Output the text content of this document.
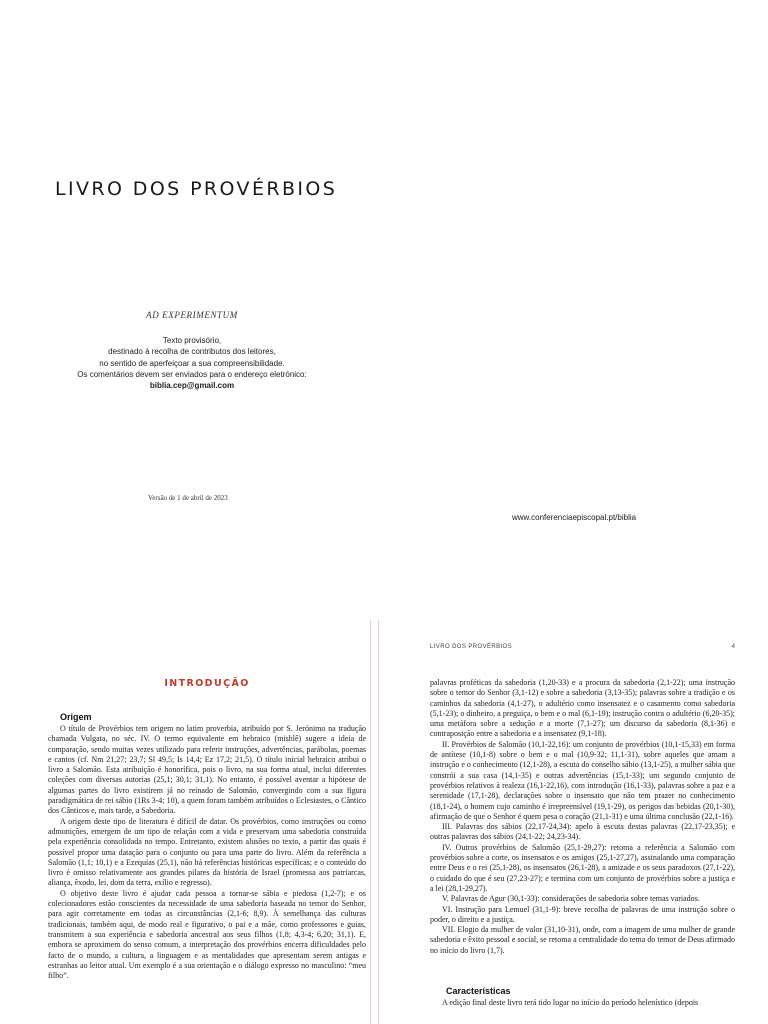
LIVRO DOS PROVÉRBIOS
AD EXPERIMENTUM
Texto provisório,
destinado à recolha de contributos dos leitores,
no sentido de aperfeiçoar a sua compreensibilidade.
Os comentários devem ser enviados para o endereço eletrónico:
biblia.cep@gmail.com
Versão de 1 de abril de 2023
www.conferenciaepiscopal.pt/biblia
INTRODUÇÃO
Origem

O título de Provérbios tem origem no latim proverbia, atribuído por S. Jerónimo na tradução chamada Vulgata, no séc. IV. O termo equivalente em hebraico (mishlê) sugere a ideia de comparação, sendo muitas vezes utilizado para referir instruções, advertências, parábolas, poemas e cantos (cf. Nm 21,27; 23,7; Sl 49,5; Is 14,4; Ez 17,2; 21,5). O título inicial hebraico atribui o livro a Salomão. Esta atribuição é honorífica, pois o livro, na sua forma atual, inclui diferentes coleções com diversas autorias (25,1; 30,1; 31,1). No entanto, é possível aventar a hipótese de algumas partes do livro existirem já no reinado de Salomão, convergindo com a sua figura paradigmática de rei sábio (1Rs 3-4; 10), a quem foram também atribuídos o Eclesiastes, o Cântico dos Cânticos e, mais tarde, a Sabedoria.

A origem deste tipo de literatura é difícil de datar. Os provérbios, como instruções ou como admonições, emergem de um tipo de relação com a vida e preservam uma sabedoria construída pela experiência consolidada no tempo. Entretanto, existem alusões no texto, a partir das quais é possível propor uma datação para o conjunto ou para uma parte do livro. Além da referência a Salomão (1,1; 10,1) e a Ezequias (25,1), não há referências históricas específicas; e o conteúdo do livro é omisso relativamente aos grandes pilares da história de Israel (promessa aos patriarcas, aliança, êxodo, lei, dom da terra, exílio e regresso).

O objetivo deste livro é ajudar cada pessoa a tornar-se sábia e piedosa (1,2-7); e os colecionadores estão conscientes da necessidade de uma sabedoria baseada no temor do Senhor, para agir corretamente em todas as circunstâncias (2,1-6; 8,9). À semelhança das culturas tradicionais, também aqui, de modo real e figurativo, o pai e a mãe, como professores e guias, transmitem a sua experiência e sabedoria ancestral aos seus filhos (1,8; 4,3-4; 6,20; 31,1). E, embora se aproximem do senso comum, a interpretação dos provérbios encerra dificuldades pelo facto de o mundo, a cultura, a linguagem e as mentalidades que apresentam serem antigas e estranhas ao leitor atual. Um exemplo é a sua orientação e o diálogo expresso no masculino: “meu filho”.

LIVRO DOS PROVÉRBIOS	4

palavras proféticas da sabedoria (1,20-33) e a procura da sabedoria (2,1-22); uma instrução sobre o temor do Senhor (3,1-12) e sobre a sabedoria (3,13-35); palavras sobre a tradição e os caminhos da sabedoria (4,1-27), o adultério como insensatez e o casamento como sabedoria (5,1-23); o dinheiro, a preguiça, o bem e o mal (6,1-19); instrução contra o adultério (6,20-35); uma metáfora sobre a sedução e a morte (7,1-27); um discurso da sabedoria (8,1-36) e contraposição entre a sabedoria e a insensatez (9,1-18).

II. Provérbios de Salomão (10,1-22,16): um conjunto de provérbios (10,1-15,33) em forma de antítese (10,1-8) sobre o bem e o mal (10,9-32; 11,1-31), sobre aqueles que amam a instrução e o conhecimento (12,1-28), a escuta do conselho sábio (13,1-25), a mulher sábia que constrói a sua casa (14,1-35) e outras advertências (15,1-33); um segundo conjunto de provérbios relativos à realeza (16,1-22,16), com introdução (16,1-33), palavras sobre a paz e a serenidade (17,1-28), declarações sobre o insensato que não tem prazer no conhecimento (18,1-24), o homem cujo caminho é irrepreensível (19,1-29), os perigos das bebidas (20,1-30), afirmação de que o Senhor é quem pesa o coração (21,1-31) e uma última conclusão (22,1-16).

III. Palavras dos sábios (22,17-24,34): apelo à escuta destas palavras (22,17-23,35); e outras palavras dos sábios (24,1-22; 24,23-34).

IV. Outros provérbios de Salomão (25,1-29,27): retoma a referência a Salomão com provérbios sobre a corte, os insensatos e os amigos (25,1-27,27), assinalando uma comparação entre Deus e o rei (25,1-28), os insensatos (26,1-28), a amizade e os seus paradoxos (27,1-22), o cuidado do que é seu (27,23-27); e termina com um conjunto de provérbios sobre a justiça e a lei (28,1-29,27).

V. Palavras de Agur (30,1-33): considerações de sabedoria sobre temas variados.

VI. Instrução para Lemuel (31,1-9): breve recolha de palavras de uma instrução sobre o poder, o direito e a justiça.

VII. Elogio da mulher de valor (31,10-31), onde, com a imagem de uma mulher de grande sabedoria e êxito pessoal e social, se retoma a centralidade do tema do temor de Deus afirmado no início do livro (1,7).

Características

A edição final deste livro terá tido lugar no início do período helenístico (depois
